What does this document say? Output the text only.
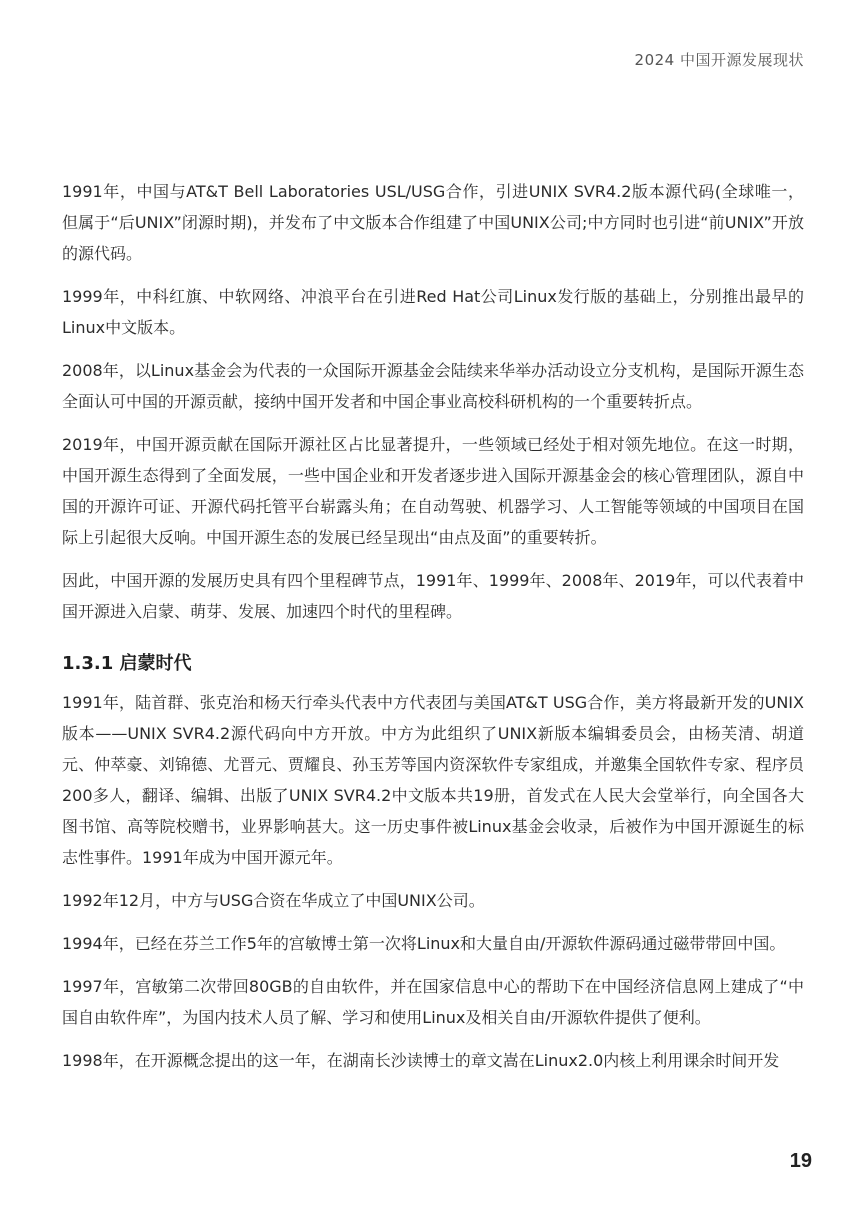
2024 中国开源发展现状

1991年，中国与AT&T Bell Laboratories USL/USG合作，引进UNIX SVR4.2版本源代码(全球唯一，但属于“后UNIX”闭源时期)，并发布了中文版本合作组建了中国UNIX公司;中方同时也引进“前UNIX”开放的源代码。

1999年，中科红旗、中软网络、冲浪平台在引进Red Hat公司Linux发行版的基础上，分别推出最早的Linux中文版本。

2008年，以Linux基金会为代表的一众国际开源基金会陆续来华举办活动设立分支机构，是国际开源生态全面认可中国的开源贡献，接纳中国开发者和中国企事业高校科研机构的一个重要转折点。

2019年，中国开源贡献在国际开源社区占比显著提升，一些领域已经处于相对领先地位。在这一时期，中国开源生态得到了全面发展，一些中国企业和开发者逐步进入国际开源基金会的核心管理团队，源自中国的开源许可证、开源代码托管平台崭露头角；在自动驾驶、机器学习、人工智能等领域的中国项目在国际上引起很大反响。中国开源生态的发展已经呈现出“由点及面”的重要转折。

因此，中国开源的发展历史具有四个里程碑节点，1991年、1999年、2008年、2019年，可以代表着中国开源进入启蒙、萌芽、发展、加速四个时代的里程碑。

1.3.1 启蒙时代

1991年，陆首群、张克治和杨天行牵头代表中方代表团与美国AT&T USG合作，美方将最新开发的UNIX版本——UNIX SVR4.2源代码向中方开放。中方为此组织了UNIX新版本编辑委员会，由杨芙清、胡道元、仲萃豪、刘锦德、尤晋元、贾耀良、孙玉芳等国内资深软件专家组成，并邀集全国软件专家、程序员200多人，翻译、编辑、出版了UNIX SVR4.2中文版本共19册，首发式在人民大会堂举行，向全国各大图书馆、高等院校赠书，业界影响甚大。这一历史事件被Linux基金会收录，后被作为中国开源诞生的标志性事件。1991年成为中国开源元年。

1992年12月，中方与USG合资在华成立了中国UNIX公司。

1994年，已经在芬兰工作5年的宫敏博士第一次将Linux和大量自由/开源软件源码通过磁带带回中国。

1997年，宫敏第二次带回80GB的自由软件，并在国家信息中心的帮助下在中国经济信息网上建成了“中国自由软件库”，为国内技术人员了解、学习和使用Linux及相关自由/开源软件提供了便利。

1998年，在开源概念提出的这一年，在湖南长沙读博士的章文嵩在Linux2.0内核上利用课余时间开发

19
